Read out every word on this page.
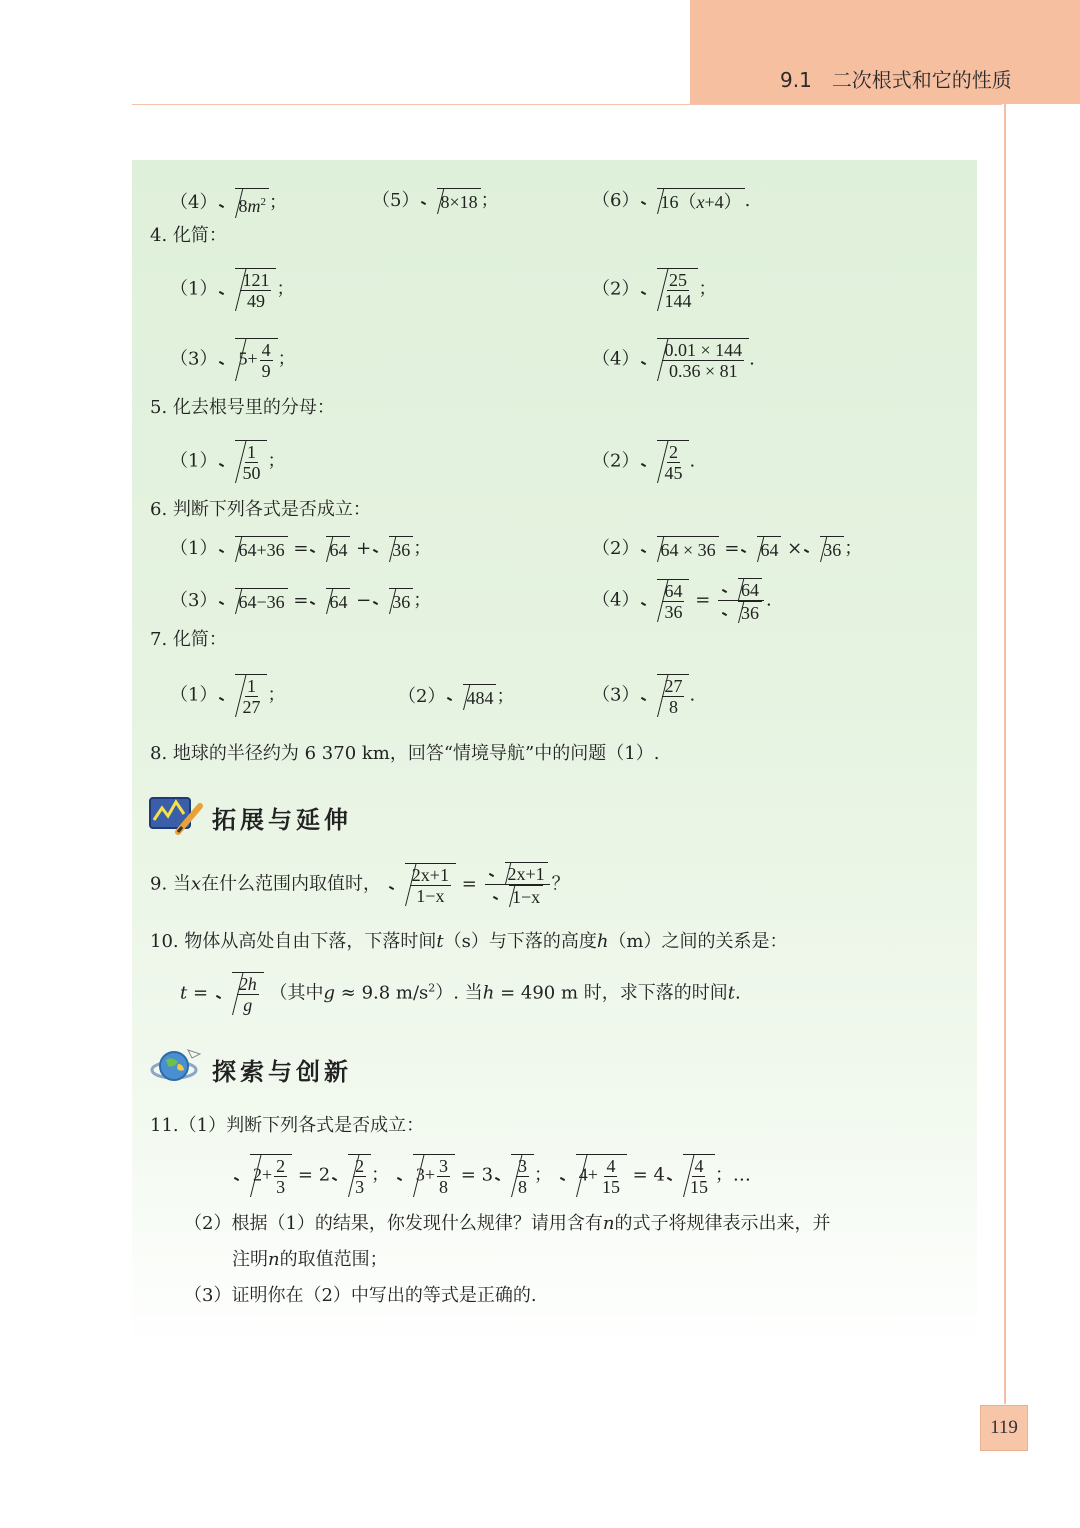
9.1 二次根式和它的性质
（4） $8m^2$ ；	（5） 8×18 ；	（6） 16（x+4） .
4. 化简：
$(1) \frac{121}{49}$ ；	$(2) \frac{25}{144}$ ；
（3） $5+ \frac{4}{9}$ ；	$(4) \frac{0.01 \times 144}{0.36 \times 81}$ .
5. 化去根号里的分母：
$(1) \frac{1}{50}$ ；	$(2) \frac{2}{45}$ .
6. 判断下列各式是否成立：
（1） 64+36 = 64 + 36 ；	（2） 64 × 36 = 64 × 36 ；
（3） 64−36 = 64 − 36 ；	$(4) \frac{64}{36} = \frac{64}{36}$ .
7. 化简：
$(1) \frac{1}{27}$ ；	（2） 484 ；	$(3) \frac{27}{8}$ .
8. 地球的半径约为 6 370 km，回答“情境导航”中的问题（1）.
拓展与延伸
9. 当x在什么范围内取值时， $\frac{2x+1}{1-x} = \frac{2x+1}{1-x}$ ？
10. 物体从高处自由下落，下落时间t（s）与下落的高度h（m）之间的关系是：
$t = \frac{2h}{g}$ （其中g ≈ 9.8 $m/s^2$）. 当h = 490 m 时，求下落的时间t.
探索与创新
11.（1）判断下列各式是否成立：
$2+ \frac{2}{3} = 2 \frac{2}{3}$ ； $3+ \frac{3}{8} = 3 \frac{3}{8}$ ； $4+ \frac{4}{15} = 4 \frac{4}{15}$ ；…
（2）根据（1）的结果，你发现什么规律？请用含有n的式子将规律表示出来，并
注明n的取值范围；
（3）证明你在（2）中写出的等式是正确的.
119
